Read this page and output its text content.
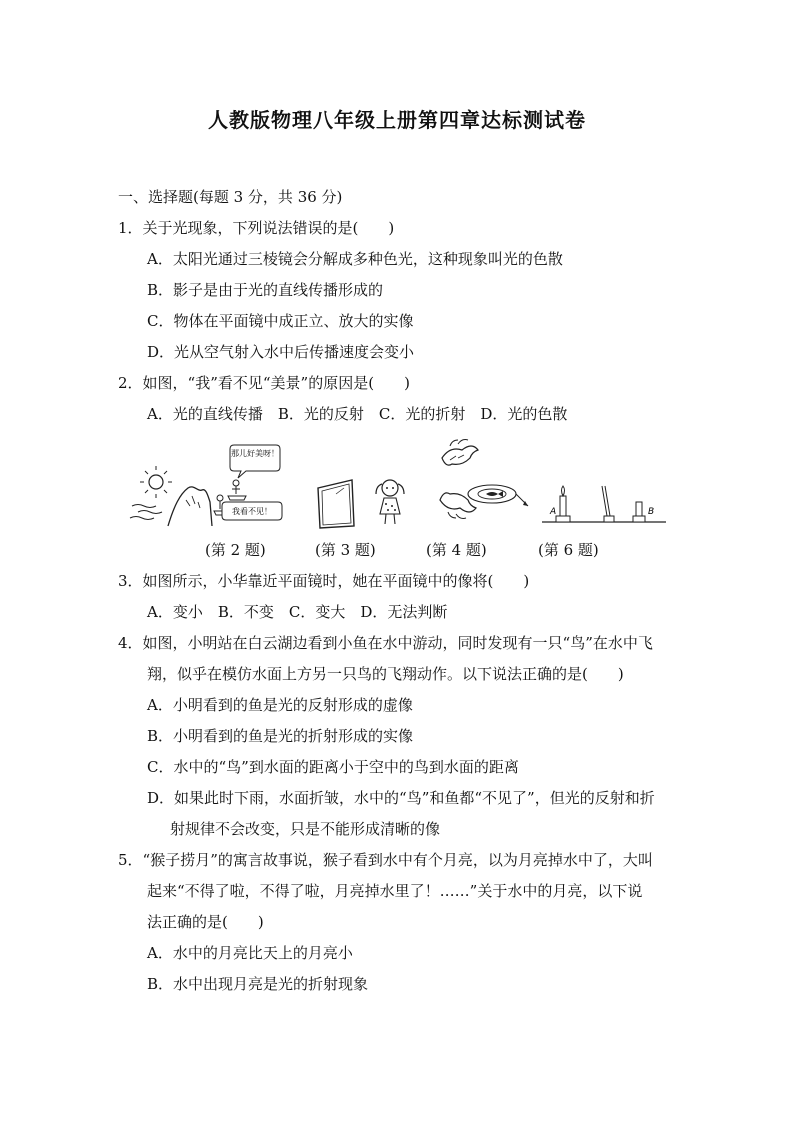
人教版物理八年级上册第四章达标测试卷
一、选择题(每题 3 分，共 36 分)
1．关于光现象，下列说法错误的是(　　)
A．太阳光通过三棱镜会分解成多种色光，这种现象叫光的色散
B．影子是由于光的直线传播形成的
C．物体在平面镜中成正立、放大的实像
D．光从空气射入水中后传播速度会变小
2．如图，“我”看不见“美景”的原因是(　　)
A．光的直线传播　B．光的反射　C．光的折射　D．光的色散
那儿好美呀！
我看不见！	A	B
(第 2 题)	(第 3 题)	(第 4 题)	(第 6 题)
3．如图所示，小华靠近平面镜时，她在平面镜中的像将(　　)
A．变小　B．不变　C．变大　D．无法判断
4．如图，小明站在白云湖边看到小鱼在水中游动，同时发现有一只“鸟”在水中飞
翔，似乎在模仿水面上方另一只鸟的飞翔动作。以下说法正确的是(　　)
A．小明看到的鱼是光的反射形成的虚像
B．小明看到的鱼是光的折射形成的实像
C．水中的“鸟”到水面的距离小于空中的鸟到水面的距离
D．如果此时下雨，水面折皱，水中的“鸟”和鱼都“不见了”，但光的反射和折
射规律不会改变，只是不能形成清晰的像
5．“猴子捞月”的寓言故事说，猴子看到水中有个月亮，以为月亮掉水中了，大叫
起来“不得了啦，不得了啦，月亮掉水里了！……”关于水中的月亮，以下说
法正确的是(　　)
A．水中的月亮比天上的月亮小
B．水中出现月亮是光的折射现象
